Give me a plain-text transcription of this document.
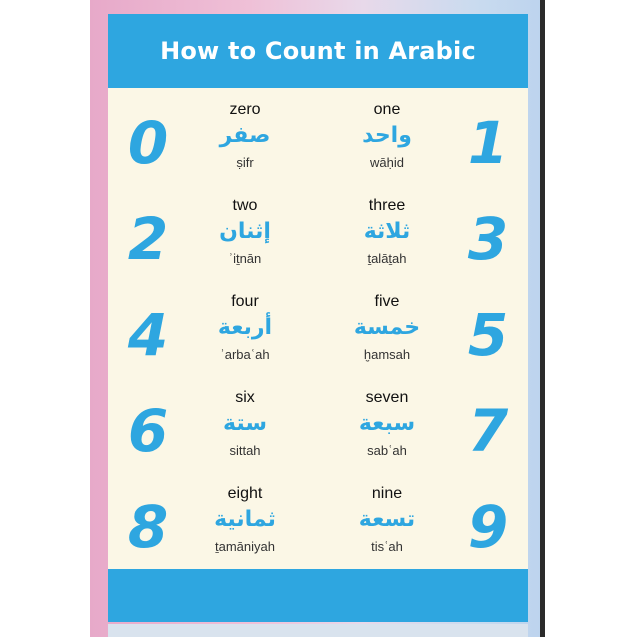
How to Count in Arabic
0	zero
صفر
ṣifr
one
واحد
wāḥid	1
2	two
إثنان
ʾiṯnān
three
ثلاثة
ṯalāṯah	3
4	four
أربعة
ʾarbaʿah
five
خمسة
ḫamsah 5
6	six
ستة
sittah
seven
سبعة
sabʿah	7
8	eight
ثمانية
ṯamāniyah
nine
تسعة
tisʿah	9
